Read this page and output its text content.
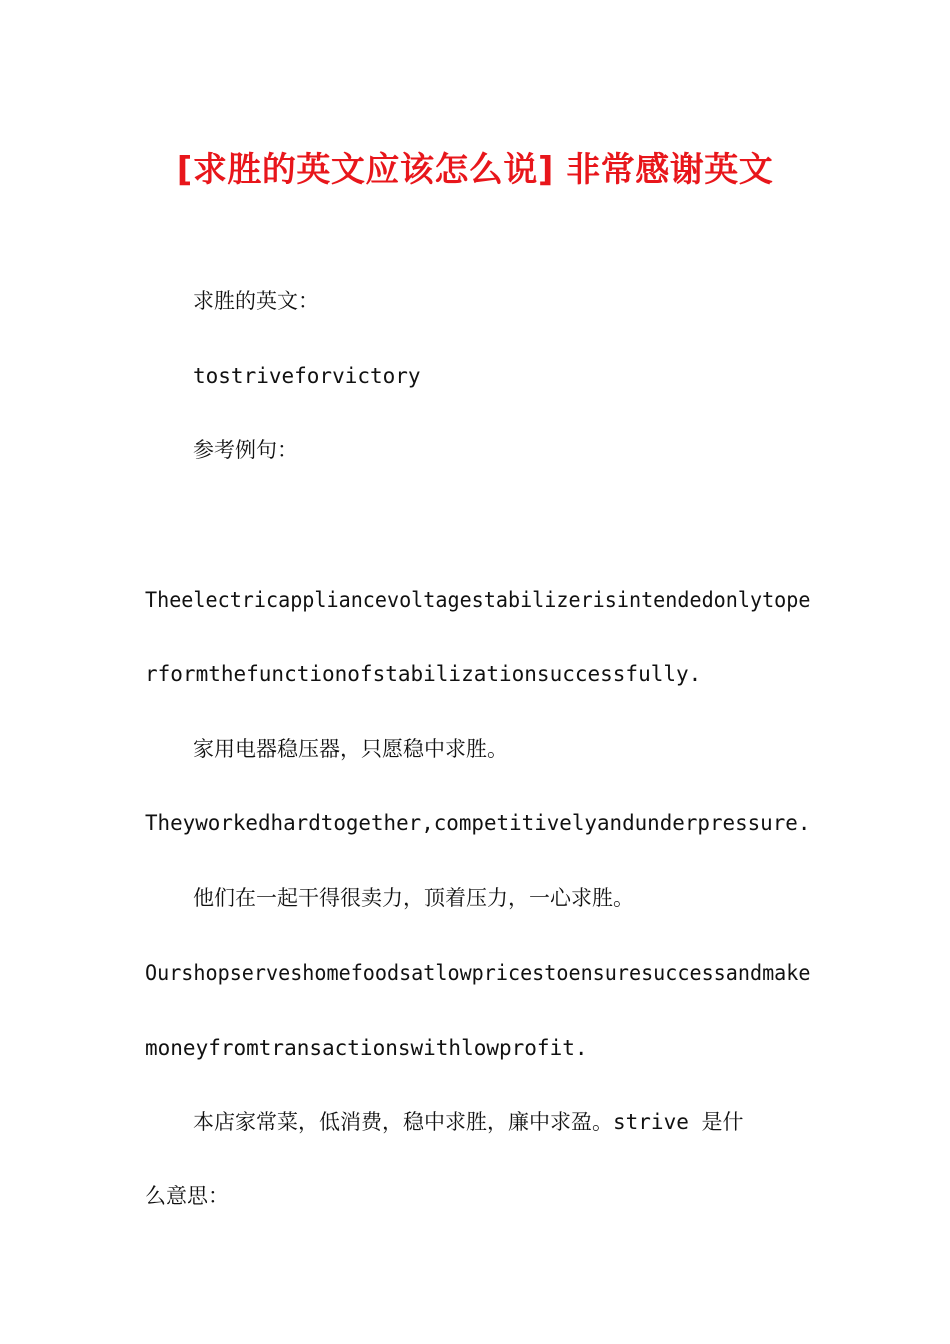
[求胜的英文应该怎么说] 非常感谢英文
求胜的英文：
tostriveforvictory
参考例句：
Theelectricappliancevoltagestabilizerisintendedonlytope
rformthefunctionofstabilizationsuccessfully.
家用电器稳压器，只愿稳中求胜。
Theyworkedhardtogether,competitivelyandunderpressure.
他们在一起干得很卖力，顶着压力，一心求胜。
Ourshopserveshomefoodsatlowpricestoensuresuccessandmake
moneyfromtransactionswithlowprofit.
本店家常菜，低消费，稳中求胜，廉中求盈。strive 是什
么意思：
